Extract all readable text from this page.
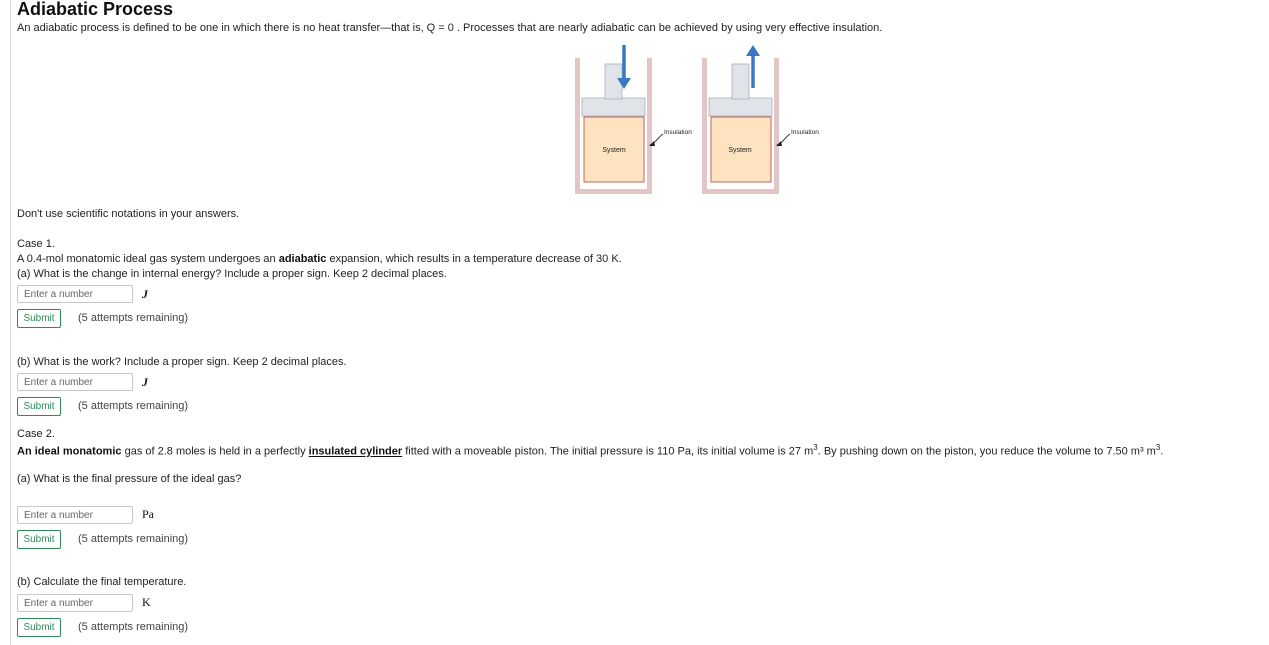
Adiabatic Process
An adiabatic process is defined to be one in which there is no heat transfer—that is, Q = 0 . Processes that are nearly adiabatic can be achieved by using very effective insulation.
System
Insulation
System
Insulation
Don't use scientific notations in your answers.
Case 1.
A 0.4-mol monatomic ideal gas system undergoes an adiabatic expansion, which results in a temperature decrease of 30 K.
(a) What is the change in internal energy? Include a proper sign. Keep 2 decimal places.
Enter a number
J
Submit	(5 attempts remaining)
(b) What is the work? Include a proper sign. Keep 2 decimal places.
Enter a number
J
Submit	(5 attempts remaining)
Case 2.
An ideal monatomic gas of 2.8 moles is held in a perfectly insulated cylinder fitted with a moveable piston. The initial pressure is 110 Pa, its initial volume is 27 $m^3$. By pushing down on the piston, you reduce the volume to 7.50 m³ $m^3$.
(a) What is the final pressure of the ideal gas?
Enter a number
Pa
Submit	(5 attempts remaining)
(b) Calculate the final temperature.
Enter a number
K
Submit	(5 attempts remaining)
